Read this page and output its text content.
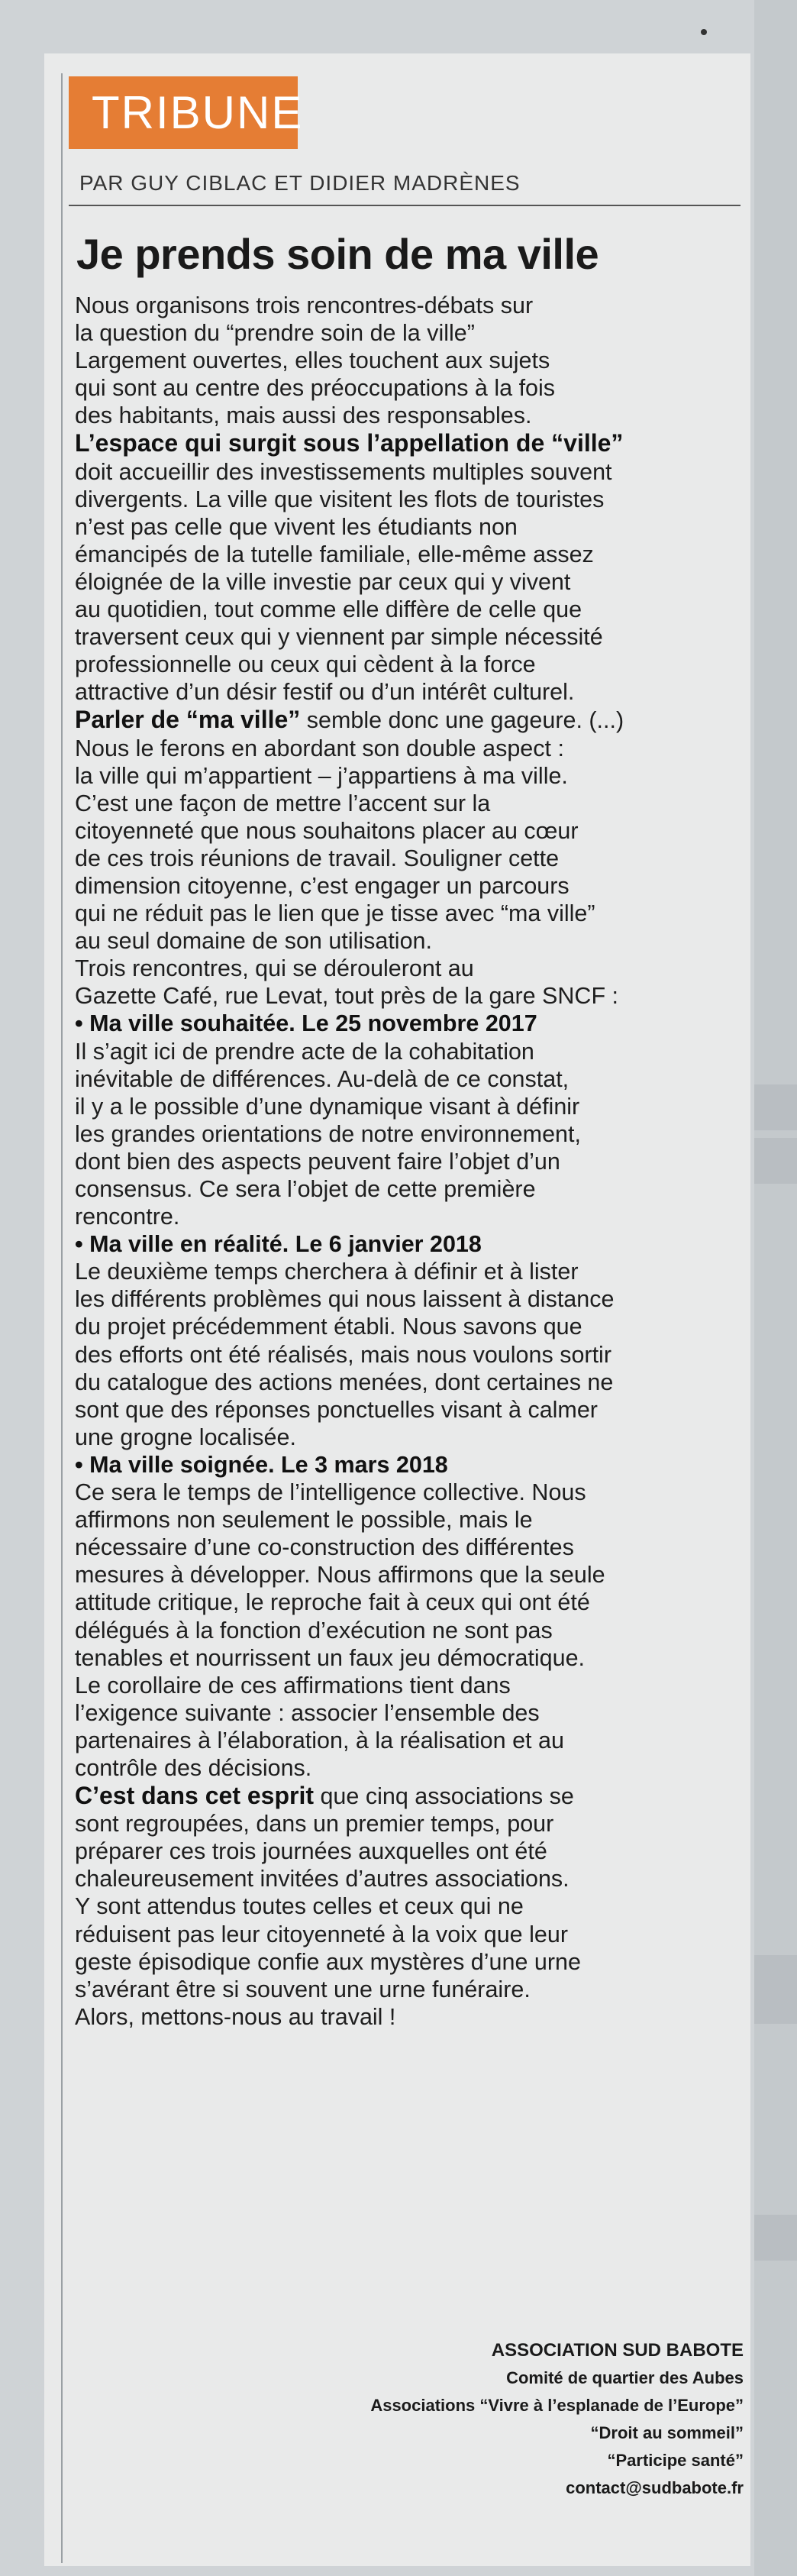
TRIBUNE
PAR GUY CIBLAC ET DIDIER MADRÈNES
Je prends soin de ma ville

Nous organisons trois rencontres-débats sur
la question du “prendre soin de la ville”
Largement ouvertes, elles touchent aux sujets
qui sont au centre des préoccupations à la fois
des habitants, mais aussi des responsables.

L’espace qui surgit sous l’appellation de “ville”
doit accueillir des investissements multiples souvent
divergents. La ville que visitent les flots de touristes
n’est pas celle que vivent les étudiants non
émancipés de la tutelle familiale, elle-même assez
éloignée de la ville investie par ceux qui y vivent
au quotidien, tout comme elle diffère de celle que
traversent ceux qui y viennent par simple nécessité
professionnelle ou ceux qui cèdent à la force
attractive d’un désir festif ou d’un intérêt culturel.

Parler de “ma ville” semble donc une gageure. (...)
Nous le ferons en abordant son double aspect :
la ville qui m’appartient – j’appartiens à ma ville.
C’est une façon de mettre l’accent sur la
citoyenneté que nous souhaitons placer au cœur
de ces trois réunions de travail. Souligner cette
dimension citoyenne, c’est engager un parcours
qui ne réduit pas le lien que je tisse avec “ma ville”
au seul domaine de son utilisation.
Trois rencontres, qui se dérouleront au
Gazette Café, rue Levat, tout près de la gare SNCF :

• Ma ville souhaitée. Le 25 novembre 2017
Il s’agit ici de prendre acte de la cohabitation
inévitable de différences. Au-delà de ce constat,
il y a le possible d’une dynamique visant à définir
les grandes orientations de notre environnement,
dont bien des aspects peuvent faire l’objet d’un
consensus. Ce sera l’objet de cette première
rencontre.

• Ma ville en réalité. Le 6 janvier 2018
Le deuxième temps cherchera à définir et à lister
les différents problèmes qui nous laissent à distance
du projet précédemment établi. Nous savons que
des efforts ont été réalisés, mais nous voulons sortir
du catalogue des actions menées, dont certaines ne
sont que des réponses ponctuelles visant à calmer
une grogne localisée.

• Ma ville soignée. Le 3 mars 2018
Ce sera le temps de l’intelligence collective. Nous
affirmons non seulement le possible, mais le
nécessaire d’une co-construction des différentes
mesures à développer. Nous affirmons que la seule
attitude critique, le reproche fait à ceux qui ont été
délégués à la fonction d’exécution ne sont pas
tenables et nourrissent un faux jeu démocratique.
Le corollaire de ces affirmations tient dans
l’exigence suivante : associer l’ensemble des
partenaires à l’élaboration, à la réalisation et au
contrôle des décisions.

C’est dans cet esprit que cinq associations se
sont regroupées, dans un premier temps, pour
préparer ces trois journées auxquelles ont été
chaleureusement invitées d’autres associations.
Y sont attendus toutes celles et ceux qui ne
réduisent pas leur citoyenneté à la voix que leur
geste épisodique confie aux mystères d’une urne
s’avérant être si souvent une urne funéraire.
Alors, mettons-nous au travail !

ASSOCIATION SUD BABOTE
Comité de quartier des Aubes
Associations “Vivre à l’esplanade de l’Europe”
“Droit au sommeil”
“Participe santé”
contact@sudbabote.fr
